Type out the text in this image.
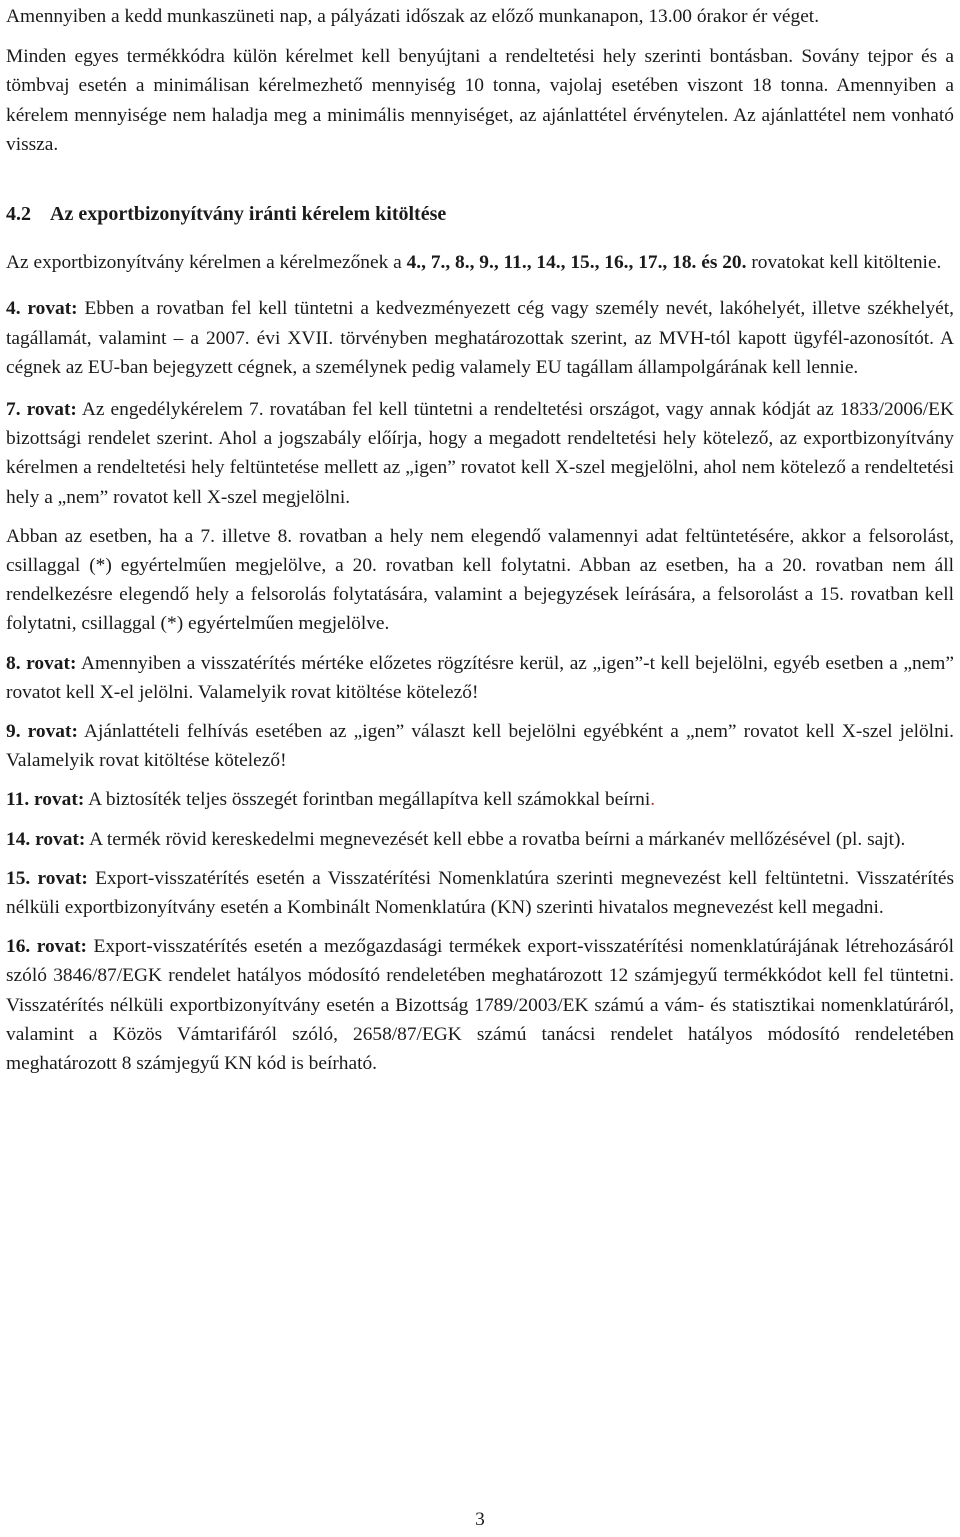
Amennyiben a kedd munkaszüneti nap, a pályázati időszak az előző munkanapon, 13.00 órakor ér véget.

Minden egyes termékkódra külön kérelmet kell benyújtani a rendeltetési hely szerinti bontásban. Sovány tejpor és a tömbvaj esetén a minimálisan kérelmezhető mennyiség 10 tonna, vajolaj esetében viszont 18 tonna. Amennyiben a kérelem mennyisége nem haladja meg a minimális mennyiséget, az ajánlattétel érvénytelen. Az ajánlattétel nem vonható vissza.

4.2 Az exportbizonyítvány iránti kérelem kitöltése

Az exportbizonyítvány kérelmen a kérelmezőnek a 4., 7., 8., 9., 11., 14., 15., 16., 17., 18. és 20. rovatokat kell kitöltenie.

4. rovat: Ebben a rovatban fel kell tüntetni a kedvezményezett cég vagy személy nevét, lakóhelyét, illetve székhelyét, tagállamát, valamint – a 2007. évi XVII. törvényben meghatározottak szerint, az MVH-tól kapott ügyfél-azonosítót. A cégnek az EU-ban bejegyzett cégnek, a személynek pedig valamely EU tagállam állampolgárának kell lennie.

7. rovat: Az engedélykérelem 7. rovatában fel kell tüntetni a rendeltetési országot, vagy annak kódját az 1833/2006/EK bizottsági rendelet szerint. Ahol a jogszabály előírja, hogy a megadott rendeltetési hely kötelező, az exportbizonyítvány kérelmen a rendeltetési hely feltüntetése mellett az „igen” rovatot kell X-szel megjelölni, ahol nem kötelező a rendeltetési hely a „nem” rovatot kell X-szel megjelölni.

Abban az esetben, ha a 7. illetve 8. rovatban a hely nem elegendő valamennyi adat feltüntetésére, akkor a felsorolást, csillaggal (*) egyértelműen megjelölve, a 20. rovatban kell folytatni. Abban az esetben, ha a 20. rovatban nem áll rendelkezésre elegendő hely a felsorolás folytatására, valamint a bejegyzések leírására, a felsorolást a 15. rovatban kell folytatni, csillaggal (*) egyértelműen megjelölve.

8. rovat: Amennyiben a visszatérítés mértéke előzetes rögzítésre kerül, az „igen”-t kell bejelölni, egyéb esetben a „nem” rovatot kell X-el jelölni. Valamelyik rovat kitöltése kötelező!

9. rovat: Ajánlattételi felhívás esetében az „igen” választ kell bejelölni egyébként a „nem” rovatot kell X-szel jelölni. Valamelyik rovat kitöltése kötelező!

11. rovat: A biztosíték teljes összegét forintban megállapítva kell számokkal beírni.

14. rovat: A termék rövid kereskedelmi megnevezését kell ebbe a rovatba beírni a márkanév mellőzésével (pl. sajt).

15. rovat: Export-visszatérítés esetén a Visszatérítési Nomenklatúra szerinti megnevezést kell feltüntetni. Visszatérítés nélküli exportbizonyítvány esetén a Kombinált Nomenklatúra (KN) szerinti hivatalos megnevezést kell megadni.

16. rovat: Export-visszatérítés esetén a mezőgazdasági termékek export-visszatérítési nomenklatúrájának létrehozásáról szóló 3846/87/EGK rendelet hatályos módosító rendeletében meghatározott 12 számjegyű termékkódot kell fel tüntetni. Visszatérítés nélküli exportbizonyítvány esetén a Bizottság 1789/2003/EK számú a vám- és statisztikai nomenklatúráról, valamint a Közös Vámtarifáról szóló, 2658/87/EGK számú tanácsi rendelet hatályos módosító rendeletében meghatározott 8 számjegyű KN kód is beírható.

3
